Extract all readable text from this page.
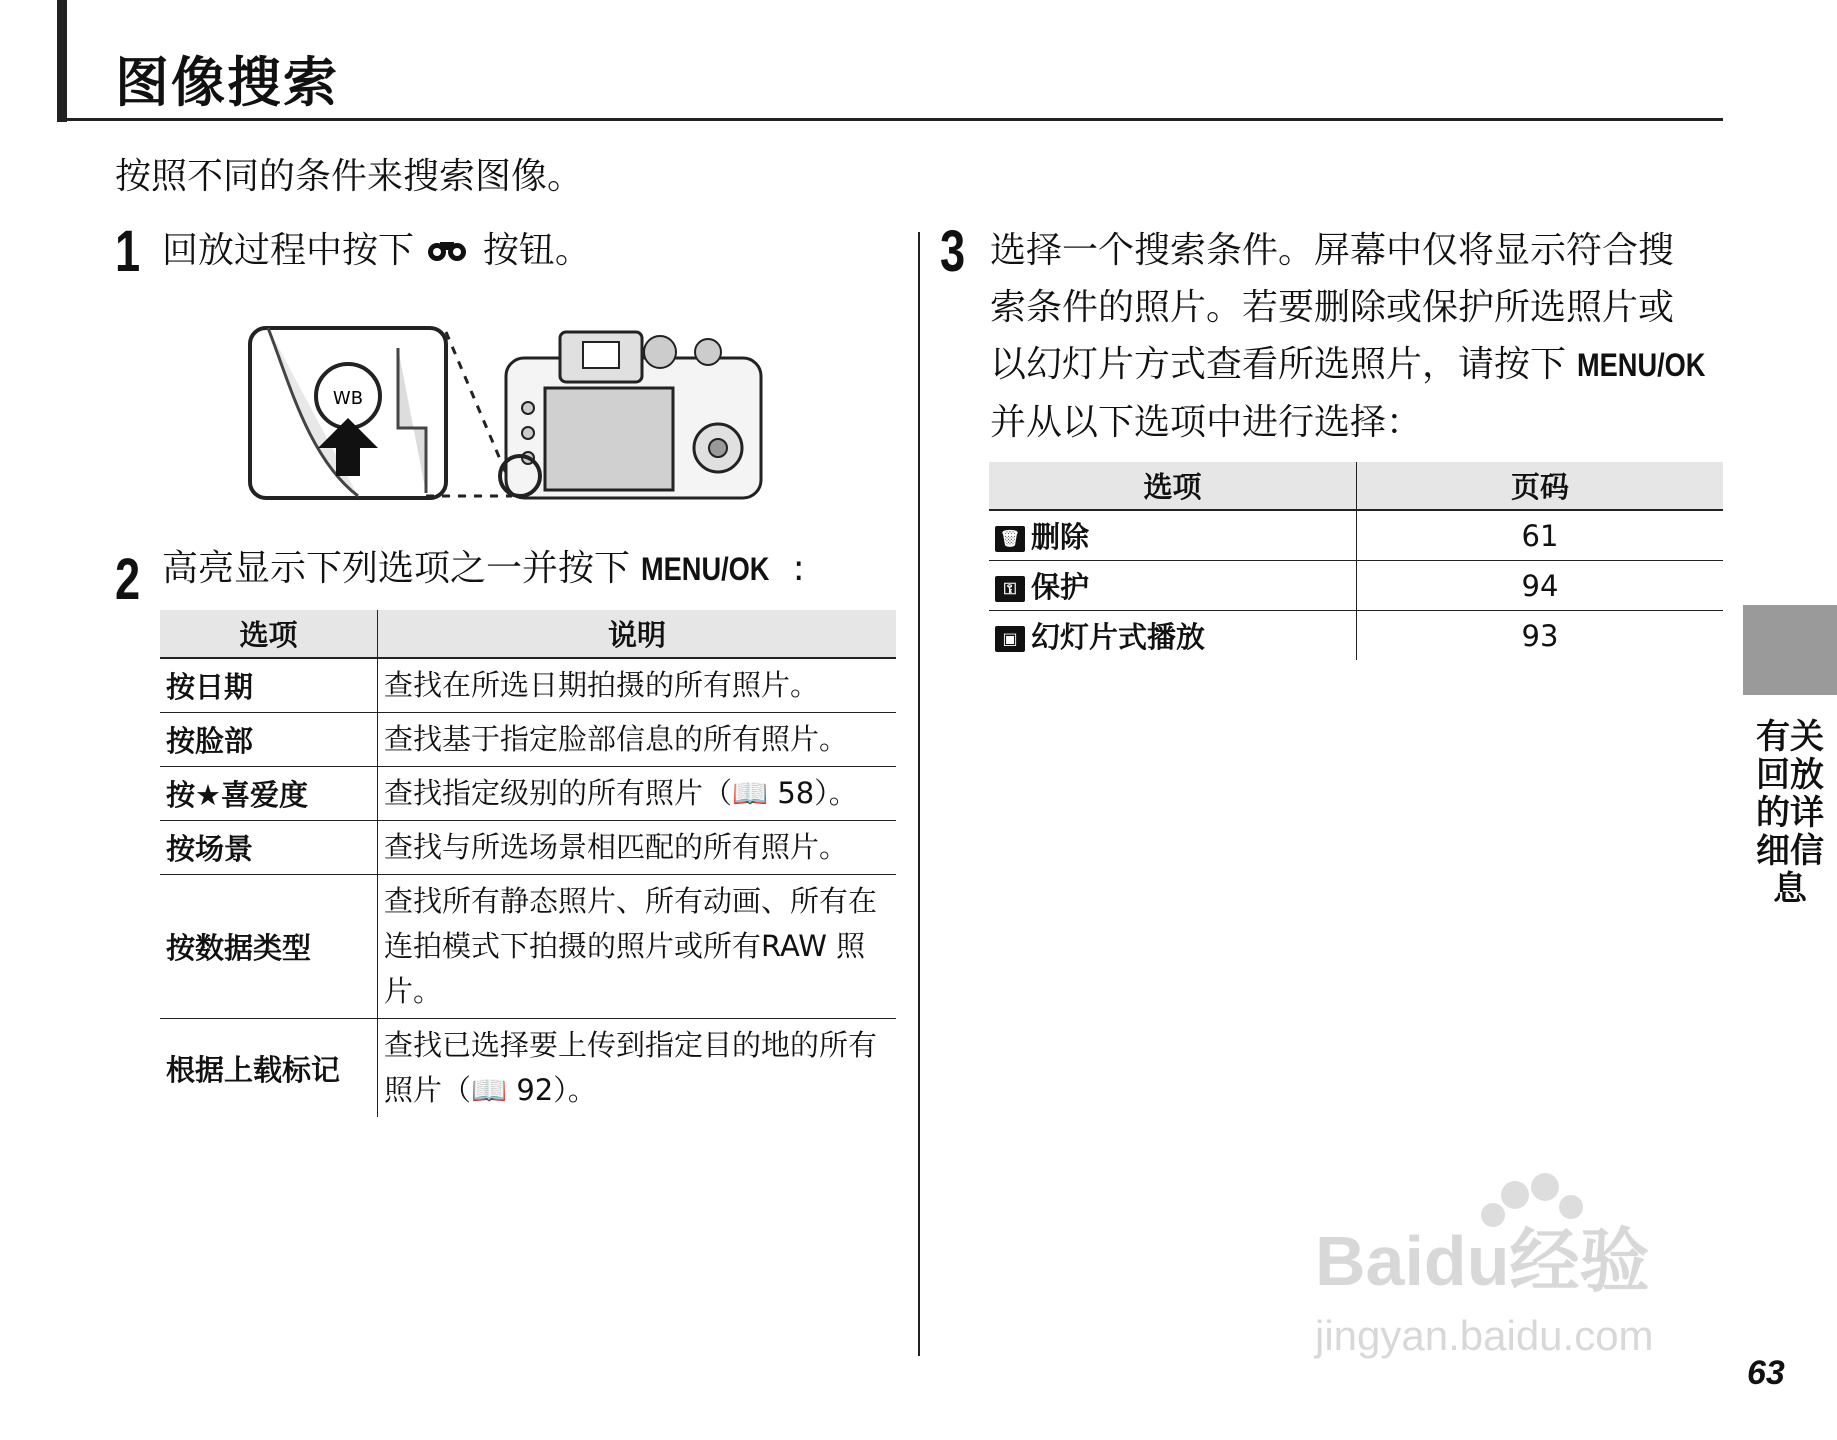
图像搜索

按照不同的条件来搜索图像。

1 回放过程中按下 按钮。
WB
2 高亮显示下列选项之一并按下 MENU/OK :
选项	说明
按日期	查找在所选日期拍摄的所有照片。
按脸部	查找基于指定脸部信息的所有照片。
按★喜爱度	查找指定级别的所有照片（📖 58）。
按场景	查找与所选场景相匹配的所有照片。
按数据类型	查找所有静态照片、所有动画、所有在连拍模式下拍摄的照片或所有RAW 照片。
根据上载标记	查找已选择要上传到指定目的地的所有照片（📖 92）。
3 选择一个搜索条件。屏幕中仅将显示符合搜
索条件的照片。若要删除或保护所选照片或
以幻灯片方式查看所选照片，请按下 MENU/OK
并从以下选项中进行选择：
选项	页码
🗑 删除	61
⚿ 保护	94
▣ 幻灯片式播放	93
有关回放的详细信息
Baidu经验
jingyan.baidu.com
63
